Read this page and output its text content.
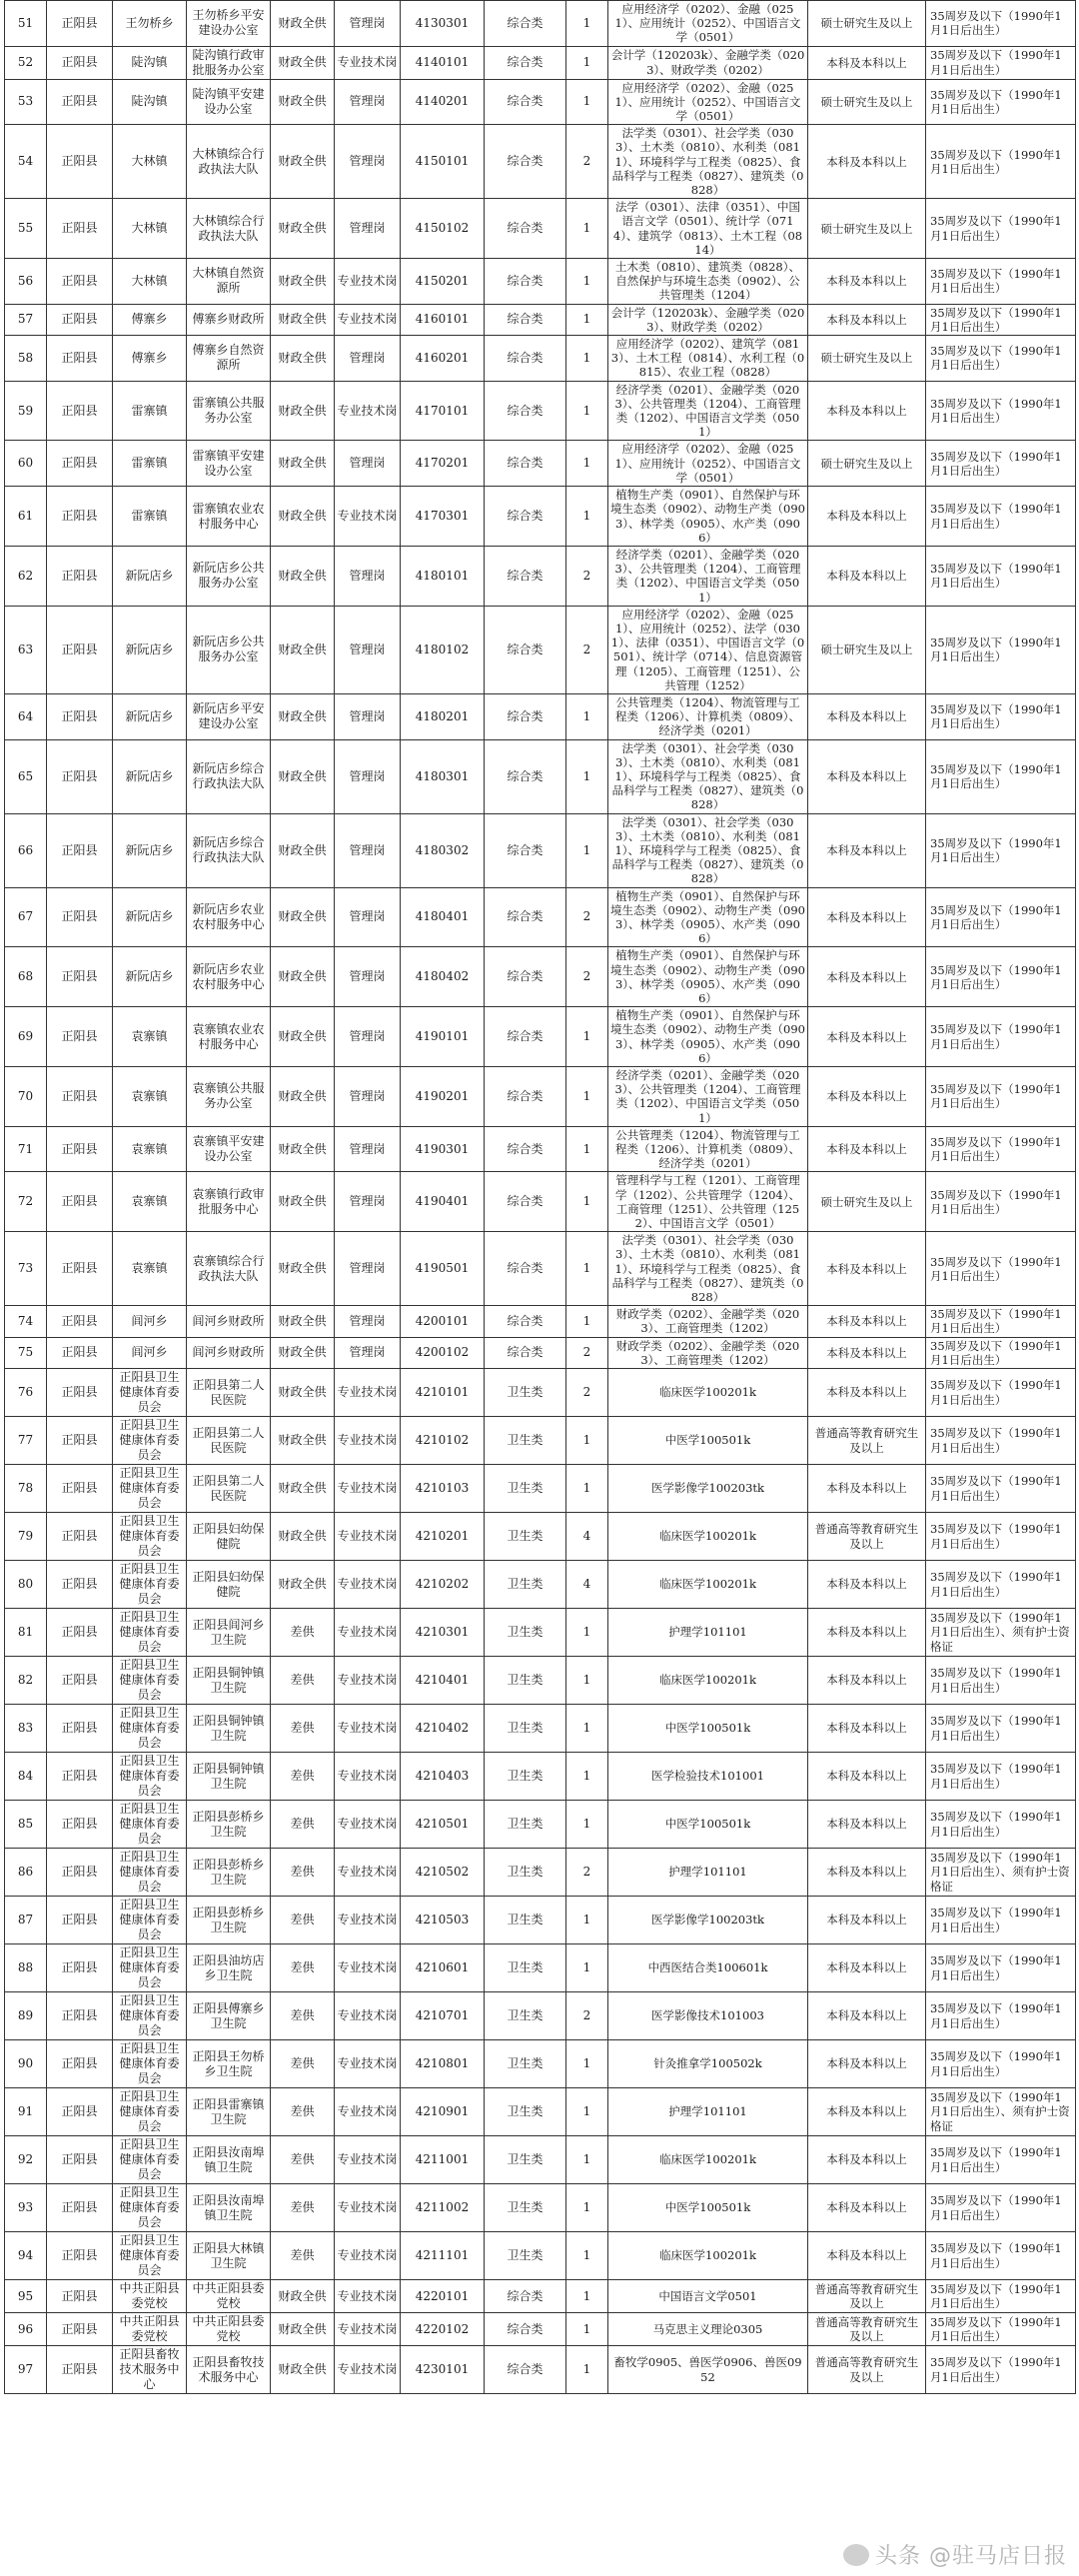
51	正阳县	王勿桥乡	王勿桥乡平安建设办公室	财政全供	管理岗	4130301	综合类	1	应用经济学（0202）、金融（0251）、应用统计（0252）、中国语言文学（0501）	硕士研究生及以上	35周岁及以下（1990年1月1日后出生）
52	正阳县	陡沟镇	陡沟镇行政审批服务办公室	财政全供	专业技术岗	4140101	综合类	1	会计学（120203k）、金融学类（0203）、财政学类（0202）	本科及本科以上	35周岁及以下（1990年1月1日后出生）
53	正阳县	陡沟镇	陡沟镇平安建设办公室	财政全供	管理岗	4140201	综合类	1	应用经济学（0202）、金融（0251）、应用统计（0252）、中国语言文学（0501）	硕士研究生及以上	35周岁及以下（1990年1月1日后出生）
54	正阳县	大林镇	大林镇综合行政执法大队	财政全供	管理岗	4150101	综合类	2	法学类（0301）、社会学类（0303）、土木类（0810）、水利类（0811）、环境科学与工程类（0825）、食品科学与工程类（0827）、建筑类（0828）	本科及本科以上	35周岁及以下（1990年1月1日后出生）
55	正阳县	大林镇	大林镇综合行政执法大队	财政全供	管理岗	4150102	综合类	1	法学（0301）、法律（0351）、中国语言文学（0501）、统计学（0714）、建筑学（0813）、土木工程（0814）	硕士研究生及以上	35周岁及以下（1990年1月1日后出生）
56	正阳县	大林镇	大林镇自然资源所	财政全供	专业技术岗	4150201	综合类	1	土木类（0810）、建筑类（0828）、自然保护与环境生态类（0902）、公共管理类（1204）	本科及本科以上	35周岁及以下（1990年1月1日后出生）
57	正阳县	傅寨乡	傅寨乡财政所	财政全供	专业技术岗	4160101	综合类	1	会计学（120203k）、金融学类（0203）、财政学类（0202）	本科及本科以上	35周岁及以下（1990年1月1日后出生）
58	正阳县	傅寨乡	傅寨乡自然资源所	财政全供	管理岗	4160201	综合类	1	应用经济学（0202）、建筑学（0813）、土木工程（0814）、水利工程（0815）、农业工程（0828）	硕士研究生及以上	35周岁及以下（1990年1月1日后出生）
59	正阳县	雷寨镇	雷寨镇公共服务办公室	财政全供	专业技术岗	4170101	综合类	1	经济学类（0201）、金融学类（0203）、公共管理类（1204）、工商管理类（1202）、中国语言文学类（0501）	本科及本科以上	35周岁及以下（1990年1月1日后出生）
60	正阳县	雷寨镇	雷寨镇平安建设办公室	财政全供	管理岗	4170201	综合类	1	应用经济学（0202）、金融（0251）、应用统计（0252）、中国语言文学（0501）	硕士研究生及以上	35周岁及以下（1990年1月1日后出生）
61	正阳县	雷寨镇	雷寨镇农业农村服务中心	财政全供	专业技术岗	4170301	综合类	1	植物生产类（0901）、自然保护与环境生态类（0902）、动物生产类（0903）、林学类（0905）、水产类（0906）	本科及本科以上	35周岁及以下（1990年1月1日后出生）
62	正阳县	新阮店乡	新阮店乡公共服务办公室	财政全供	管理岗	4180101	综合类	2	经济学类（0201）、金融学类（0203）、公共管理类（1204）、工商管理类（1202）、中国语言文学类（0501）	本科及本科以上	35周岁及以下（1990年1月1日后出生）
63	正阳县	新阮店乡	新阮店乡公共服务办公室	财政全供	管理岗	4180102	综合类	2	应用经济学（0202）、金融（0251）、应用统计（0252）、法学（0301）、法律（0351）、中国语言文学（0501）、统计学（0714）、信息资源管理（1205）、工商管理（1251）、公共管理（1252）	硕士研究生及以上	35周岁及以下（1990年1月1日后出生）
64	正阳县	新阮店乡	新阮店乡平安建设办公室	财政全供	管理岗	4180201	综合类	1	公共管理类（1204）、物流管理与工程类（1206）、计算机类（0809）、经济学类（0201）	本科及本科以上	35周岁及以下（1990年1月1日后出生）
65	正阳县	新阮店乡	新阮店乡综合行政执法大队	财政全供	管理岗	4180301	综合类	1	法学类（0301）、社会学类（0303）、土木类（0810）、水利类（0811）、环境科学与工程类（0825）、食品科学与工程类（0827）、建筑类（0828）	本科及本科以上	35周岁及以下（1990年1月1日后出生）
66	正阳县	新阮店乡	新阮店乡综合行政执法大队	财政全供	管理岗	4180302	综合类	1	法学类（0301）、社会学类（0303）、土木类（0810）、水利类（0811）、环境科学与工程类（0825）、食品科学与工程类（0827）、建筑类（0828）	本科及本科以上	35周岁及以下（1990年1月1日后出生）
67	正阳县	新阮店乡	新阮店乡农业农村服务中心	财政全供	管理岗	4180401	综合类	2	植物生产类（0901）、自然保护与环境生态类（0902）、动物生产类（0903）、林学类（0905）、水产类（0906）	本科及本科以上	35周岁及以下（1990年1月1日后出生）
68	正阳县	新阮店乡	新阮店乡农业农村服务中心	财政全供	管理岗	4180402	综合类	2	植物生产类（0901）、自然保护与环境生态类（0902）、动物生产类（0903）、林学类（0905）、水产类（0906）	本科及本科以上	35周岁及以下（1990年1月1日后出生）
69	正阳县	袁寨镇	袁寨镇农业农村服务中心	财政全供	管理岗	4190101	综合类	1	植物生产类（0901）、自然保护与环境生态类（0902）、动物生产类（0903）、林学类（0905）、水产类（0906）	本科及本科以上	35周岁及以下（1990年1月1日后出生）
70	正阳县	袁寨镇	袁寨镇公共服务办公室	财政全供	管理岗	4190201	综合类	1	经济学类（0201）、金融学类（0203）、公共管理类（1204）、工商管理类（1202）、中国语言文学类（0501）	本科及本科以上	35周岁及以下（1990年1月1日后出生）
71	正阳县	袁寨镇	袁寨镇平安建设办公室	财政全供	管理岗	4190301	综合类	1	公共管理类（1204）、物流管理与工程类（1206）、计算机类（0809）、经济学类（0201）	本科及本科以上	35周岁及以下（1990年1月1日后出生）
72	正阳县	袁寨镇	袁寨镇行政审批服务中心	财政全供	管理岗	4190401	综合类	1	管理科学与工程（1201）、工商管理学（1202）、公共管理学（1204）、工商管理（1251）、公共管理（1252）、中国语言文学（0501）	硕士研究生及以上	35周岁及以下（1990年1月1日后出生）
73	正阳县	袁寨镇	袁寨镇综合行政执法大队	财政全供	管理岗	4190501	综合类	1	法学类（0301）、社会学类（0303）、土木类（0810）、水利类（0811）、环境科学与工程类（0825）、食品科学与工程类（0827）、建筑类（0828）	本科及本科以上	35周岁及以下（1990年1月1日后出生）
74	正阳县	闾河乡	闾河乡财政所	财政全供	管理岗	4200101	综合类	1	财政学类（0202）、金融学类（0203）、工商管理类（1202）	本科及本科以上	35周岁及以下（1990年1月1日后出生）
75	正阳县	闾河乡	闾河乡财政所	财政全供	管理岗	4200102	综合类	2	财政学类（0202）、金融学类（0203）、工商管理类（1202）	本科及本科以上	35周岁及以下（1990年1月1日后出生）
76	正阳县	正阳县卫生健康体育委员会	正阳县第二人民医院	财政全供	专业技术岗	4210101	卫生类	2	临床医学100201k	本科及本科以上	35周岁及以下（1990年1月1日后出生）
77	正阳县	正阳县卫生健康体育委员会	正阳县第二人民医院	财政全供	专业技术岗	4210102	卫生类	1	中医学100501k	普通高等教育研究生及以上	35周岁及以下（1990年1月1日后出生）
78	正阳县	正阳县卫生健康体育委员会	正阳县第二人民医院	财政全供	专业技术岗	4210103	卫生类	1	医学影像学100203tk	本科及本科以上	35周岁及以下（1990年1月1日后出生）
79	正阳县	正阳县卫生健康体育委员会	正阳县妇幼保健院	财政全供	专业技术岗	4210201	卫生类	4	临床医学100201k	普通高等教育研究生及以上	35周岁及以下（1990年1月1日后出生）
80	正阳县	正阳县卫生健康体育委员会	正阳县妇幼保健院	财政全供	专业技术岗	4210202	卫生类	4	临床医学100201k	本科及本科以上	35周岁及以下（1990年1月1日后出生）
81	正阳县	正阳县卫生健康体育委员会	正阳县闾河乡卫生院	差供	专业技术岗	4210301	卫生类	1	护理学101101	本科及本科以上	35周岁及以下（1990年1月1日后出生）、须有护士资格证
82	正阳县	正阳县卫生健康体育委员会	正阳县铜钟镇卫生院	差供	专业技术岗	4210401	卫生类	1	临床医学100201k	本科及本科以上	35周岁及以下（1990年1月1日后出生）
83	正阳县	正阳县卫生健康体育委员会	正阳县铜钟镇卫生院	差供	专业技术岗	4210402	卫生类	1	中医学100501k	本科及本科以上	35周岁及以下（1990年1月1日后出生）
84	正阳县	正阳县卫生健康体育委员会	正阳县铜钟镇卫生院	差供	专业技术岗	4210403	卫生类	1	医学检验技术101001	本科及本科以上	35周岁及以下（1990年1月1日后出生）
85	正阳县	正阳县卫生健康体育委员会	正阳县彭桥乡卫生院	差供	专业技术岗	4210501	卫生类	1	中医学100501k	本科及本科以上	35周岁及以下（1990年1月1日后出生）
86	正阳县	正阳县卫生健康体育委员会	正阳县彭桥乡卫生院	差供	专业技术岗	4210502	卫生类	2	护理学101101	本科及本科以上	35周岁及以下（1990年1月1日后出生）、须有护士资格证
87	正阳县	正阳县卫生健康体育委员会	正阳县彭桥乡卫生院	差供	专业技术岗	4210503	卫生类	1	医学影像学100203tk	本科及本科以上	35周岁及以下（1990年1月1日后出生）
88	正阳县	正阳县卫生健康体育委员会	正阳县油坊店乡卫生院	差供	专业技术岗	4210601	卫生类	1	中西医结合类100601k	本科及本科以上	35周岁及以下（1990年1月1日后出生）
89	正阳县	正阳县卫生健康体育委员会	正阳县傅寨乡卫生院	差供	专业技术岗	4210701	卫生类	2	医学影像技术101003	本科及本科以上	35周岁及以下（1990年1月1日后出生）
90	正阳县	正阳县卫生健康体育委员会	正阳县王勿桥乡卫生院	差供	专业技术岗	4210801	卫生类	1	针灸推拿学100502k	本科及本科以上	35周岁及以下（1990年1月1日后出生）
91	正阳县	正阳县卫生健康体育委员会	正阳县雷寨镇卫生院	差供	专业技术岗	4210901	卫生类	1	护理学101101	本科及本科以上	35周岁及以下（1990年1月1日后出生）、须有护士资格证
92	正阳县	正阳县卫生健康体育委员会	正阳县汝南埠镇卫生院	差供	专业技术岗	4211001	卫生类	1	临床医学100201k	本科及本科以上	35周岁及以下（1990年1月1日后出生）
93	正阳县	正阳县卫生健康体育委员会	正阳县汝南埠镇卫生院	差供	专业技术岗	4211002	卫生类	1	中医学100501k	本科及本科以上	35周岁及以下（1990年1月1日后出生）
94	正阳县	正阳县卫生健康体育委员会	正阳县大林镇卫生院	差供	专业技术岗	4211101	卫生类	1	临床医学100201k	本科及本科以上	35周岁及以下（1990年1月1日后出生）
95	正阳县	中共正阳县委党校	中共正阳县委党校	财政全供	专业技术岗	4220101	综合类	1	中国语言文学0501	普通高等教育研究生及以上	35周岁及以下（1990年1月1日后出生）
96	正阳县	中共正阳县委党校	中共正阳县委党校	财政全供	专业技术岗	4220102	综合类	1	马克思主义理论0305	普通高等教育研究生及以上	35周岁及以下（1990年1月1日后出生）
97	正阳县	正阳县畜牧技术服务中心	正阳县畜牧技术服务中心	财政全供	专业技术岗	4230101	综合类	1	畜牧学0905、兽医学0906、兽医0952	普通高等教育研究生及以上	35周岁及以下（1990年1月1日后出生）
头条 @驻马店日报
